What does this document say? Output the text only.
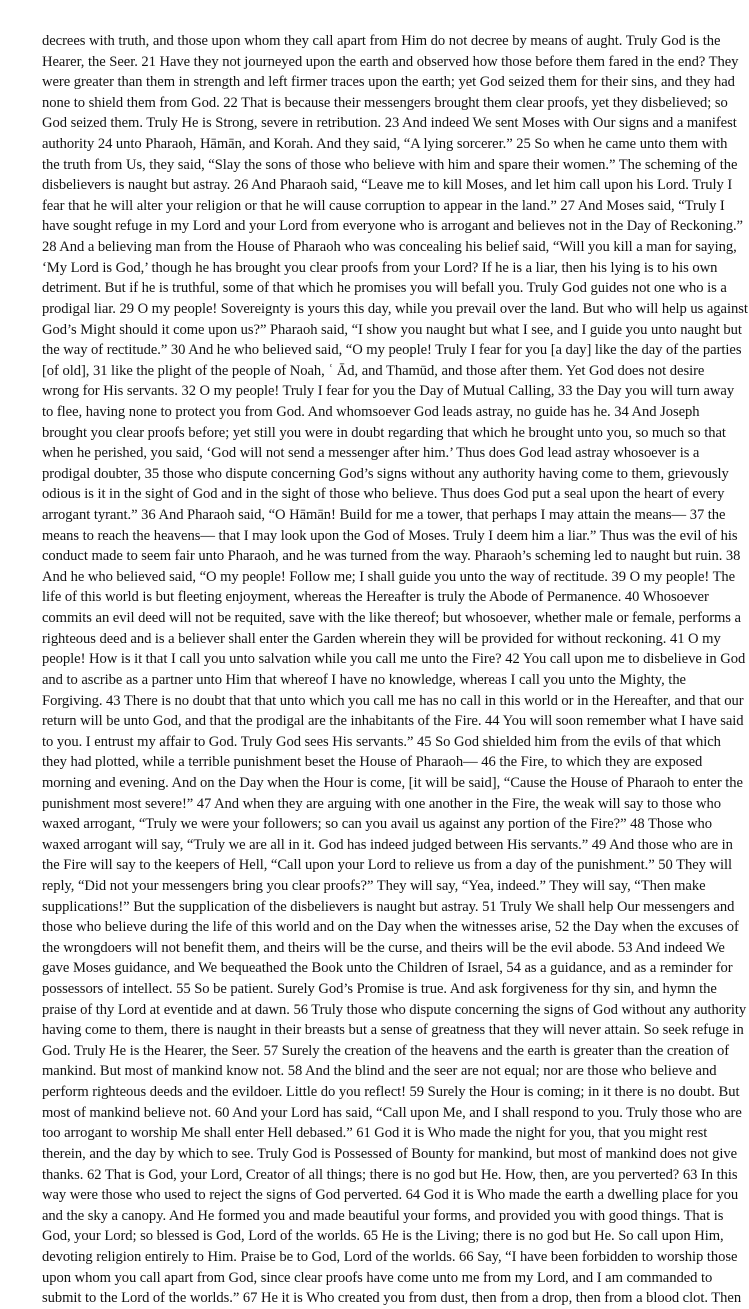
decrees with truth, and those upon whom they call apart from Him do not decree by means of aught. Truly God is the
Hearer, the Seer. 21 Have they not journeyed upon the earth and observed how those before them fared in the end? They
were greater than them in strength and left firmer traces upon the earth; yet God seized them for their sins, and they had
none to shield them from God. 22 That is because their messengers brought them clear proofs, yet they disbelieved; so
God seized them. Truly He is Strong, severe in retribution. 23 And indeed We sent Moses with Our signs and a manifest
authority 24 unto Pharaoh, Hāmān, and Korah. And they said, “A lying sorcerer.” 25 So when he came unto them with
the truth from Us, they said, “Slay the sons of those who believe with him and spare their women.” The scheming of the
disbelievers is naught but astray. 26 And Pharaoh said, “Leave me to kill Moses, and let him call upon his Lord. Truly I
fear that he will alter your religion or that he will cause corruption to appear in the land.” 27 And Moses said, “Truly I
have sought refuge in my Lord and your Lord from everyone who is arrogant and believes not in the Day of Reckoning.”
28 And a believing man from the House of Pharaoh who was concealing his belief said, “Will you kill a man for saying,
‘My Lord is God,’ though he has brought you clear proofs from your Lord? If he is a liar, then his lying is to his own
detriment. But if he is truthful, some of that which he promises you will befall you. Truly God guides not one who is a
prodigal liar. 29 O my people! Sovereignty is yours this day, while you prevail over the land. But who will help us against
God’s Might should it come upon us?” Pharaoh said, “I show you naught but what I see, and I guide you unto naught but
the way of rectitude.” 30 And he who believed said, “O my people! Truly I fear for you [a day] like the day of the parties
[of old], 31 like the plight of the people of Noah, ʿ Ād, and Thamūd, and those after them. Yet God does not desire
wrong for His servants. 32 O my people! Truly I fear for you the Day of Mutual Calling, 33 the Day you will turn away
to flee, having none to protect you from God. And whomsoever God leads astray, no guide has he. 34 And Joseph
brought you clear proofs before; yet still you were in doubt regarding that which he brought unto you, so much so that
when he perished, you said, ‘God will not send a messenger after him.’ Thus does God lead astray whosoever is a
prodigal doubter, 35 those who dispute concerning God’s signs without any authority having come to them, grievously
odious is it in the sight of God and in the sight of those who believe. Thus does God put a seal upon the heart of every
arrogant tyrant.” 36 And Pharaoh said, “O Hāmān! Build for me a tower, that perhaps I may attain the means— 37 the
means to reach the heavens— that I may look upon the God of Moses. Truly I deem him a liar.” Thus was the evil of his
conduct made to seem fair unto Pharaoh, and he was turned from the way. Pharaoh’s scheming led to naught but ruin. 38
And he who believed said, “O my people! Follow me; I shall guide you unto the way of rectitude. 39 O my people! The
life of this world is but fleeting enjoyment, whereas the Hereafter is truly the Abode of Permanence. 40 Whosoever
commits an evil deed will not be requited, save with the like thereof; but whosoever, whether male or female, performs a
righteous deed and is a believer shall enter the Garden wherein they will be provided for without reckoning. 41 O my
people! How is it that I call you unto salvation while you call me unto the Fire? 42 You call upon me to disbelieve in God
and to ascribe as a partner unto Him that whereof I have no knowledge, whereas I call you unto the Mighty, the
Forgiving. 43 There is no doubt that that unto which you call me has no call in this world or in the Hereafter, and that our
return will be unto God, and that the prodigal are the inhabitants of the Fire. 44 You will soon remember what I have said
to you. I entrust my affair to God. Truly God sees His servants.” 45 So God shielded him from the evils of that which
they had plotted, while a terrible punishment beset the House of Pharaoh— 46 the Fire, to which they are exposed
morning and evening. And on the Day when the Hour is come, [it will be said], “Cause the House of Pharaoh to enter the
punishment most severe!” 47 And when they are arguing with one another in the Fire, the weak will say to those who
waxed arrogant, “Truly we were your followers; so can you avail us against any portion of the Fire?” 48 Those who
waxed arrogant will say, “Truly we are all in it. God has indeed judged between His servants.” 49 And those who are in
the Fire will say to the keepers of Hell, “Call upon your Lord to relieve us from a day of the punishment.” 50 They will
reply, “Did not your messengers bring you clear proofs?” They will say, “Yea, indeed.” They will say, “Then make
supplications!” But the supplication of the disbelievers is naught but astray. 51 Truly We shall help Our messengers and
those who believe during the life of this world and on the Day when the witnesses arise, 52 the Day when the excuses of
the wrongdoers will not benefit them, and theirs will be the curse, and theirs will be the evil abode. 53 And indeed We
gave Moses guidance, and We bequeathed the Book unto the Children of Israel, 54 as a guidance, and as a reminder for
possessors of intellect. 55 So be patient. Surely God’s Promise is true. And ask forgiveness for thy sin, and hymn the
praise of thy Lord at eventide and at dawn. 56 Truly those who dispute concerning the signs of God without any authority
having come to them, there is naught in their breasts but a sense of greatness that they will never attain. So seek refuge in
God. Truly He is the Hearer, the Seer. 57 Surely the creation of the heavens and the earth is greater than the creation of
mankind. But most of mankind know not. 58 And the blind and the seer are not equal; nor are those who believe and
perform righteous deeds and the evildoer. Little do you reflect! 59 Surely the Hour is coming; in it there is no doubt. But
most of mankind believe not. 60 And your Lord has said, “Call upon Me, and I shall respond to you. Truly those who are
too arrogant to worship Me shall enter Hell debased.” 61 God it is Who made the night for you, that you might rest
therein, and the day by which to see. Truly God is Possessed of Bounty for mankind, but most of mankind does not give
thanks. 62 That is God, your Lord, Creator of all things; there is no god but He. How, then, are you perverted? 63 In this
way were those who used to reject the signs of God perverted. 64 God it is Who made the earth a dwelling place for you
and the sky a canopy. And He formed you and made beautiful your forms, and provided you with good things. That is
God, your Lord; so blessed is God, Lord of the worlds. 65 He is the Living; there is no god but He. So call upon Him,
devoting religion entirely to Him. Praise be to God, Lord of the worlds. 66 Say, “I have been forbidden to worship those
upon whom you call apart from God, since clear proofs have come unto me from my Lord, and I am commanded to
submit to the Lord of the worlds.” 67 He it is Who created you from dust, then from a drop, then from a blood clot. Then
